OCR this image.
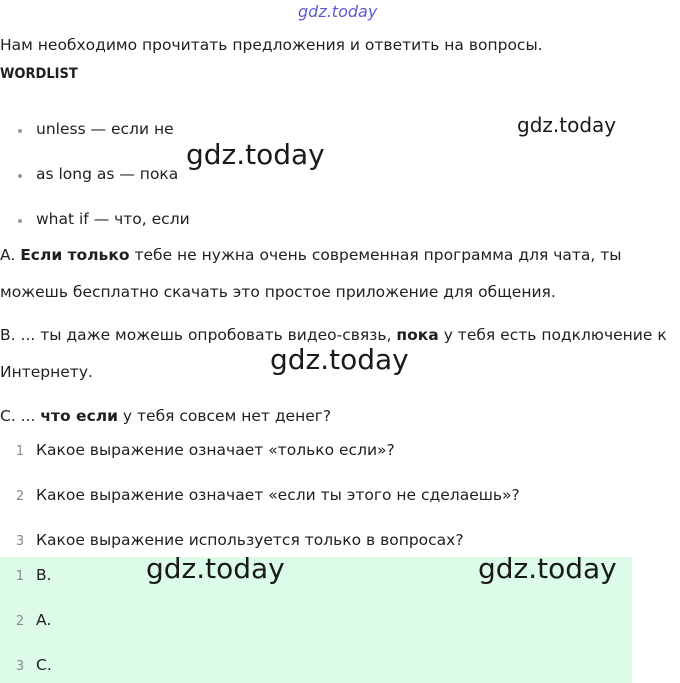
gdz.today
Нам необходимо прочитать предложения и ответить на вопросы.
WORDLIST
unless — если не
as long as — пока
what if — что, если
gdz.today
gdz.today
A. Если только тебе не нужна очень современная программа для чата, ты
можешь бесплатно скачать это простое приложение для общения.
B. ... ты даже можешь опробовать видео-связь, пока у тебя есть подключение к
Интернету.	gdz.today
C. ... что если у тебя совсем нет денег?
1 Какое выражение означает «только если»?
2 Какое выражение означает «если ты этого не сделаешь»?
3 Какое выражение используется только в вопросах?
1 B.
2 A.
3 C.
gdz.today	gdz.today
